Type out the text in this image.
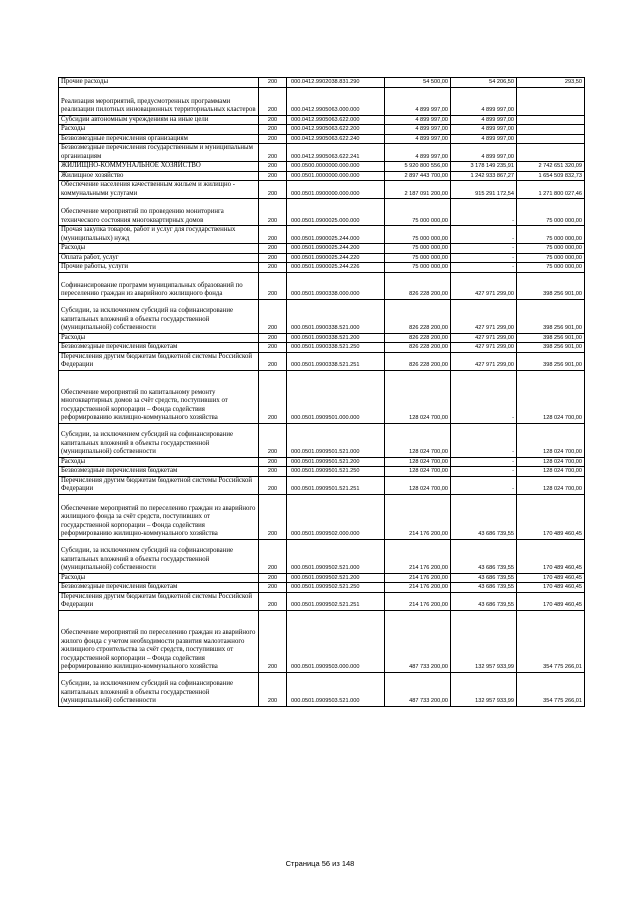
Прочие расходы	200	000.0412.9902038.831.290	54 500,00	54 206,50	293,50
Реализация мероприятий, предусмотренных программами реализации пилотных инновационных территориальных кластеров	200	000.0412.9905063.000.000	4 899 997,00	4 899 997,00	
Субсидии автономным учреждениям на иные цели	200	000.0412.9905063.622.000	4 899 997,00	4 899 997,00	
Расходы	200	000.0412.9905063.622.200	4 899 997,00	4 899 997,00	
Безвозмездные перечисления организациям	200	000.0412.9905063.622.240	4 899 997,00	4 899 997,00	
Безвозмездные перечисления государственным и муниципальным организациям	200	000.0412.9905063.622.241	4 899 997,00	4 899 997,00	
ЖИЛИЩНО-КОММУНАЛЬНОЕ ХОЗЯЙСТВО	200	000.0500.0000000.000.000	5 920 800 556,00	3 178 149 235,91	2 742 651 320,09
Жилищное хозяйство	200	000.0501.0000000.000.000	2 897 443 700,00	1 242 933 867,27	1 654 509 832,73
Обеспечение населения качественным жильем и жилищно - коммунальными услугами	200	000.0501.0900000.000.000	2 187 091 200,00	915 291 172,54	1 271 800 027,46
Обеспечение мероприятий по проведению мониторинга технического состояния многоквартирных домов	200	000.0501.0900025.000.000	75 000 000,00	-	75 000 000,00
Прочая закупка товаров, работ и услуг для государственных (муниципальных) нужд	200	000.0501.0900025.244.000	75 000 000,00	-	75 000 000,00
Расходы	200	000.0501.0900025.244.200	75 000 000,00	-	75 000 000,00
Оплата работ, услуг	200	000.0501.0900025.244.220	75 000 000,00	-	75 000 000,00
Прочие работы, услуги	200	000.0501.0900025.244.226	75 000 000,00	-	75 000 000,00
Софинансирование программ муниципальных образований по переселению граждан из аварийного жилищного фонда	200	000.0501.0900338.000.000	826 228 200,00	427 971 299,00	398 256 901,00
Субсидии, за исключением субсидий на софинансирование капитальных вложений в объекты государственной (муниципальной) собственности	200	000.0501.0900338.521.000	826 228 200,00	427 971 299,00	398 256 901,00
Расходы	200	000.0501.0900338.521.200	826 228 200,00	427 971 299,00	398 256 901,00
Безвозмездные перечисления бюджетам	200	000.0501.0900338.521.250	826 228 200,00	427 971 299,00	398 256 901,00
Перечисления другим бюджетам бюджетной системы Российской Федерации	200	000.0501.0900338.521.251	826 228 200,00	427 971 299,00	398 256 901,00
Обеспечение мероприятий по капитальному ремонту многоквартирных домов за счёт средств, поступивших от государственной корпорации – Фонда содействия реформированию жилищно-коммунального хозяйства	200	000.0501.0909501.000.000	128 024 700,00	-	128 024 700,00
Субсидии, за исключением субсидий на софинансирование капитальных вложений в объекты государственной (муниципальной) собственности	200	000.0501.0909501.521.000	128 024 700,00	-	128 024 700,00
Расходы	200	000.0501.0909501.521.200	128 024 700,00	-	128 024 700,00
Безвозмездные перечисления бюджетам	200	000.0501.0909501.521.250	128 024 700,00	-	128 024 700,00
Перечисления другим бюджетам бюджетной системы Российской Федерации	200	000.0501.0909501.521.251	128 024 700,00	-	128 024 700,00
Обеспечение мероприятий по переселению граждан из аварийного жилищного фонда за счёт средств, поступивших от государственной корпорации – Фонда содействия реформированию жилищно-коммунального хозяйства	200	000.0501.0909502.000.000	214 176 200,00	43 686 739,55	170 489 460,45
Субсидии, за исключением субсидий на софинансирование капитальных вложений в объекты государственной (муниципальной) собственности	200	000.0501.0909502.521.000	214 176 200,00	43 686 739,55	170 489 460,45
Расходы	200	000.0501.0909502.521.200	214 176 200,00	43 686 739,55	170 489 460,45
Безвозмездные перечисления бюджетам	200	000.0501.0909502.521.250	214 176 200,00	43 686 739,55	170 489 460,45
Перечисления другим бюджетам бюджетной системы Российской Федерации	200	000.0501.0909502.521.251	214 176 200,00	43 686 739,55	170 489 460,45
Обеспечение мероприятий по переселению граждан из аварийного жилого фонда с учетом необходимости развития малоэтажного жилищного строительства за счёт средств, поступивших от государственной корпорации – Фонда содействия реформированию жилищно-коммунального хозяйства	200	000.0501.0909503.000.000	487 733 200,00	132 957 933,99	354 775 266,01
Субсидии, за исключением субсидий на софинансирование капитальных вложений в объекты государственной (муниципальной) собственности	200	000.0501.0909503.521.000	487 733 200,00	132 957 933,99	354 775 266,01
Страница 56 из 148
